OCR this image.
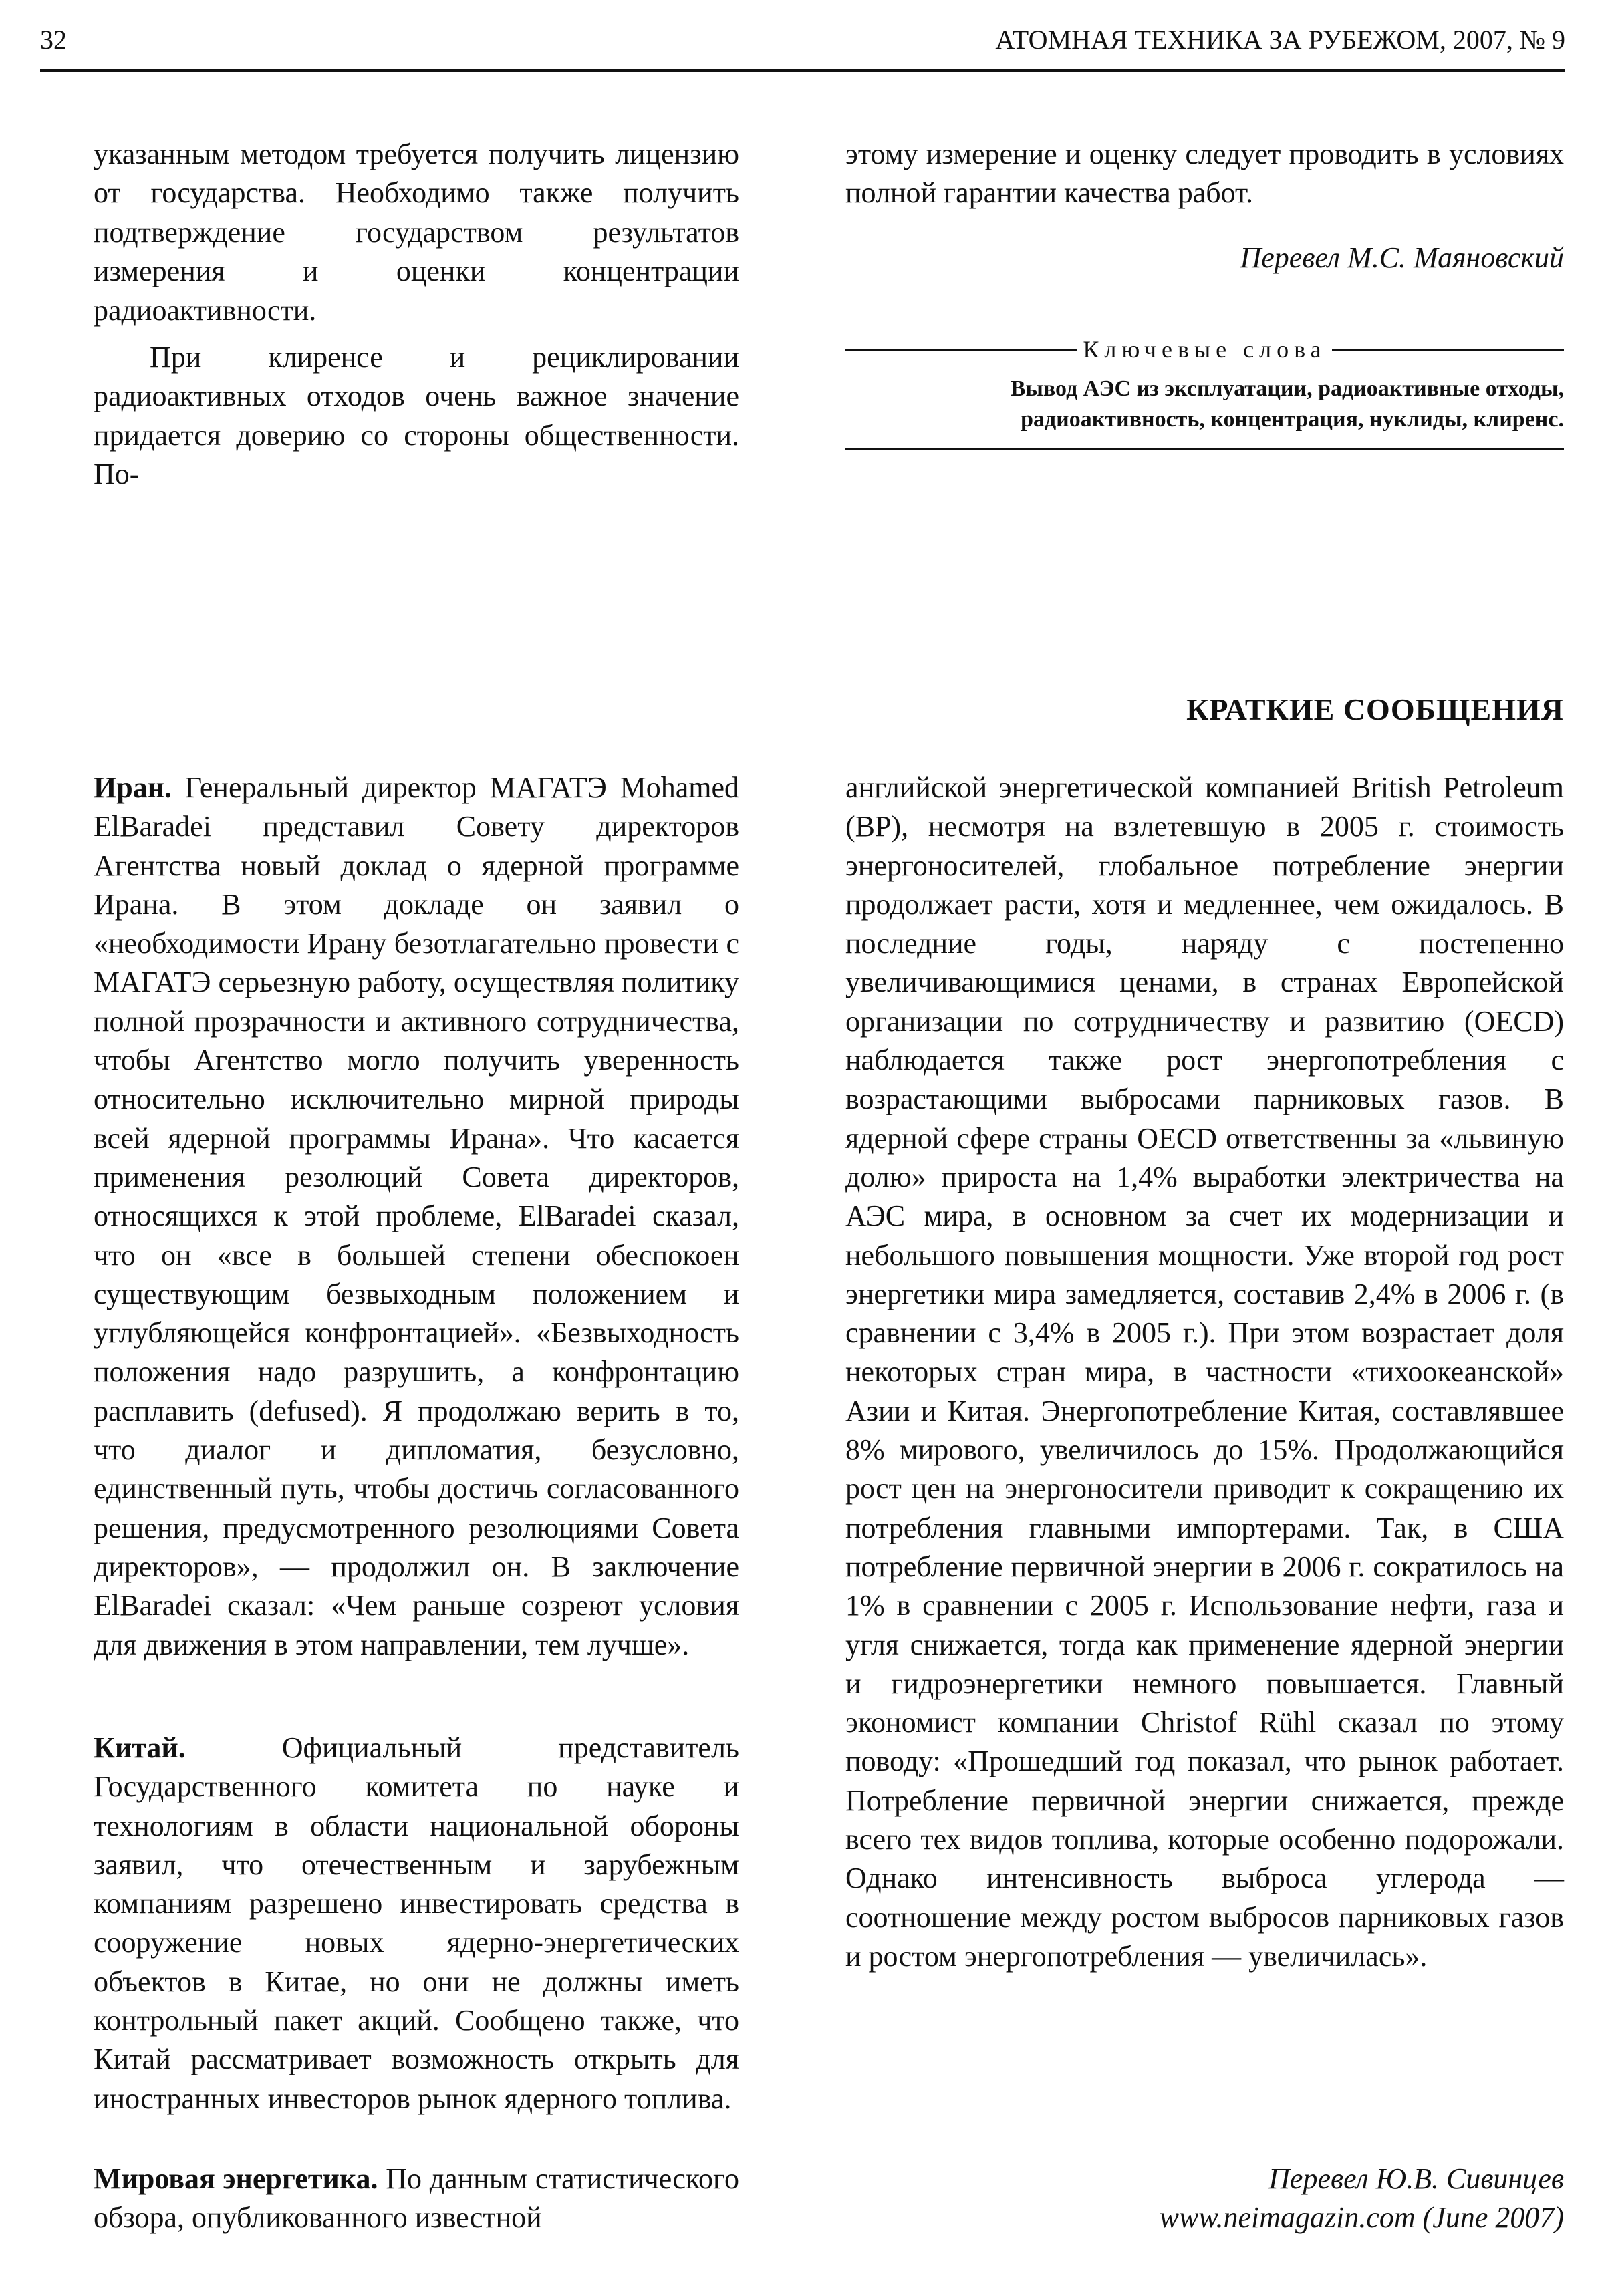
32	АТОМНАЯ ТЕХНИКА ЗА РУБЕЖОМ, 2007, № 9

указанным методом требуется получить лицензию от государства. Необходимо также получить подтверждение государством результатов измерения и оценки концентрации радиоактивности.

При клиренсе и рециклировании радиоактивных отходов очень важное значение придается доверию со стороны общественности. По-

этому измерение и оценку следует проводить в условиях полной гарантии качества работ.

Перевел М.С. Маяновский
Ключевые слова
Вывод АЭС из эксплуатации, радиоактивные отходы, радиоактивность, концентрация, нуклиды, клиренс.
КРАТКИЕ СООБЩЕНИЯ
Иран. Генеральный директор МАГАТЭ Mohamed ElBaradei представил Совету директоров Агентства новый доклад о ядерной программе Ирана. В этом докладе он заявил о «необходимости Ирану безотлагательно провести с МАГАТЭ серьезную работу, осуществляя политику полной прозрачности и активного сотрудничества, чтобы Агентство могло получить уверенность относительно исключительно мирной природы всей ядерной программы Ирана». Что касается применения резолюций Совета директоров, относящихся к этой проблеме, ElBaradei сказал, что он «все в большей степени обеспокоен существующим безвыходным положением и углубляющейся конфронтацией». «Безвыходность положения надо разрушить, а конфронтацию расплавить (defused). Я продолжаю верить в то, что диалог и дипломатия, безусловно, единственный путь, чтобы достичь согласованного решения, предусмотренного резолюциями Совета директоров», — продолжил он. В заключение ElBaradei сказал: «Чем раньше созреют условия для движения в этом направлении, тем лучше».
Китай. Официальный представитель Государственного комитета по науке и технологиям в области национальной обороны заявил, что отечественным и зарубежным компаниям разрешено инвестировать средства в сооружение новых ядерно-энергетических объектов в Китае, но они не должны иметь контрольный пакет акций. Сообщено также, что Китай рассматривает возможность открыть для иностранных инвесторов рынок ядерного топлива.
Мировая энергетика. По данным статистического обзора, опубликованного известной
английской энергетической компанией British Petroleum (BP), несмотря на взлетевшую в 2005 г. стоимость энергоносителей, глобальное потребление энергии продолжает расти, хотя и медленнее, чем ожидалось. В последние годы, наряду с постепенно увеличивающимися ценами, в странах Европейской организации по сотрудничеству и развитию (OECD) наблюдается также рост энергопотребления с возрастающими выбросами парниковых газов. В ядерной сфере страны OECD ответственны за «львиную долю» прироста на 1,4% выработки электричества на АЭС мира, в основном за счет их модернизации и небольшого повышения мощности. Уже второй год рост энергетики мира замедляется, составив 2,4% в 2006 г. (в сравнении с 3,4% в 2005 г.). При этом возрастает доля некоторых стран мира, в частности «тихоокеанской» Азии и Китая. Энергопотребление Китая, составлявшее 8% мирового, увеличилось до 15%. Продолжающийся рост цен на энергоносители приводит к сокращению их потребления главными импортерами. Так, в США потребление первичной энергии в 2006 г. сократилось на 1% в сравнении с 2005 г. Использование нефти, газа и угля снижается, тогда как применение ядерной энергии и гидроэнергетики немного повышается. Главный экономист компании Christof Rühl сказал по этому поводу: «Прошедший год показал, что рынок работает. Потребление первичной энергии снижается, прежде всего тех видов топлива, которые особенно подорожали. Однако интенсивность выброса углерода — соотношение между ростом выбросов парниковых газов и ростом энергопотребления — увеличилась».
Перевел Ю.В. Сивинцев
www.neimagazin.com (June 2007)
